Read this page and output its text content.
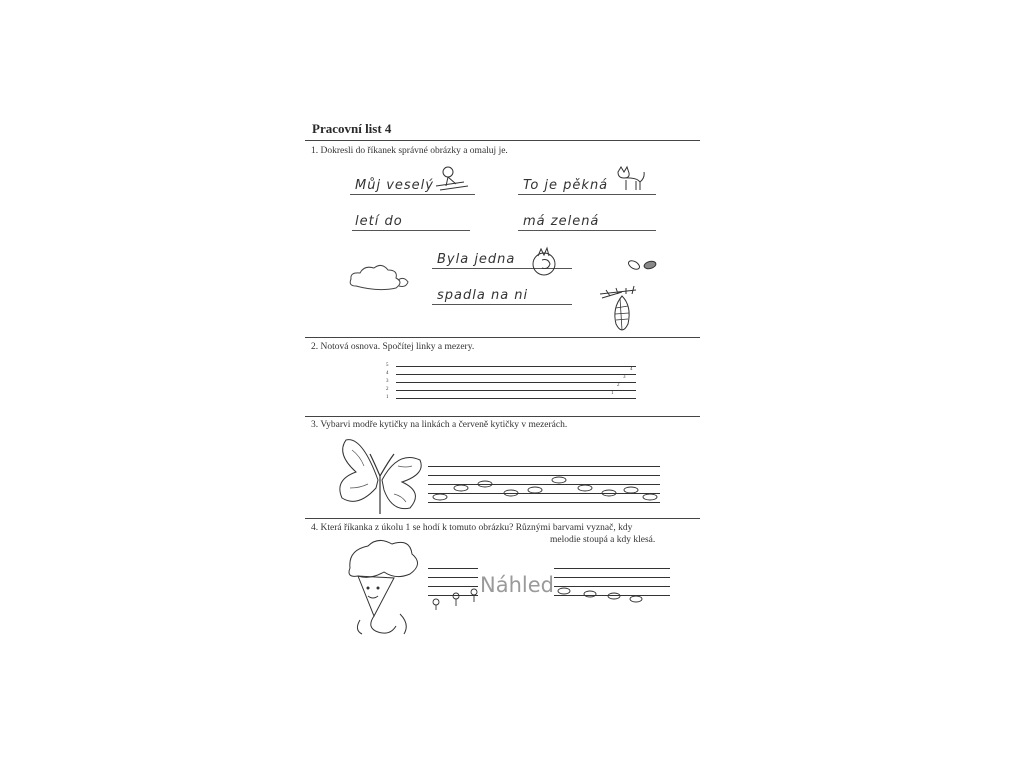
Pracovní list 4
1. Dokresli do říkanek správné obrázky a omaluj je.
Můj veselý	To je pěkná
letí do	má zelená
Byla jedna
spadla na ni
2. Notová osnova. Spočítej linky a mezery.
5
4
3
2
1
4
3
2
1
3. Vybarvi modře kytičky na linkách a červeně kytičky v mezerách.
4. Která říkanka z úkolu 1 se hodí k tomuto obrázku? Různými barvami vyznač, kdy
melodie stoupá a kdy klesá.
Náhled
